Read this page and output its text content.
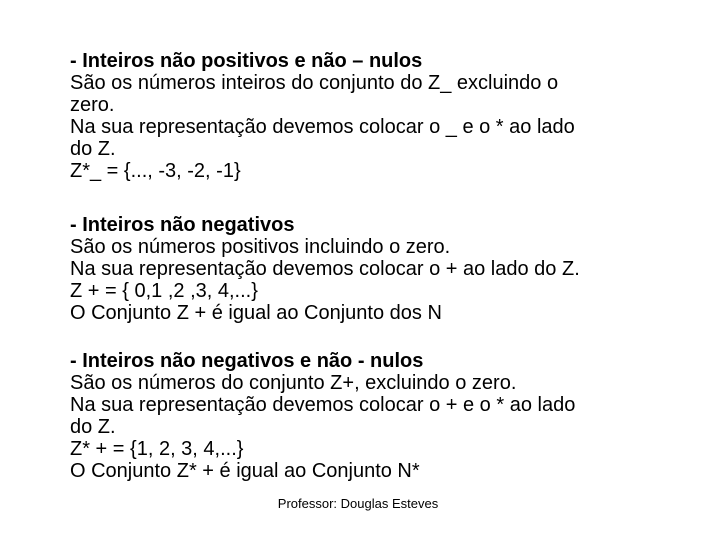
- Inteiros não positivos e não – nulos
São os números inteiros do conjunto do Z_ excluindo o
zero.
Na sua representação devemos colocar o _ e o * ao lado
do Z.
Z*_ = {..., -3, -2, -1}
- Inteiros não negativos
São os números positivos incluindo o zero.
Na sua representação devemos colocar o + ao lado do Z.
Z + = { 0,1 ,2 ,3, 4,...}
O Conjunto Z + é igual ao Conjunto dos N
- Inteiros não negativos e não - nulos
São os números do conjunto Z+, excluindo o zero.
Na sua representação devemos colocar o + e o * ao lado
do Z.
Z* + = {1, 2, 3, 4,...}
O Conjunto Z* + é igual ao Conjunto N*
Professor: Douglas Esteves
